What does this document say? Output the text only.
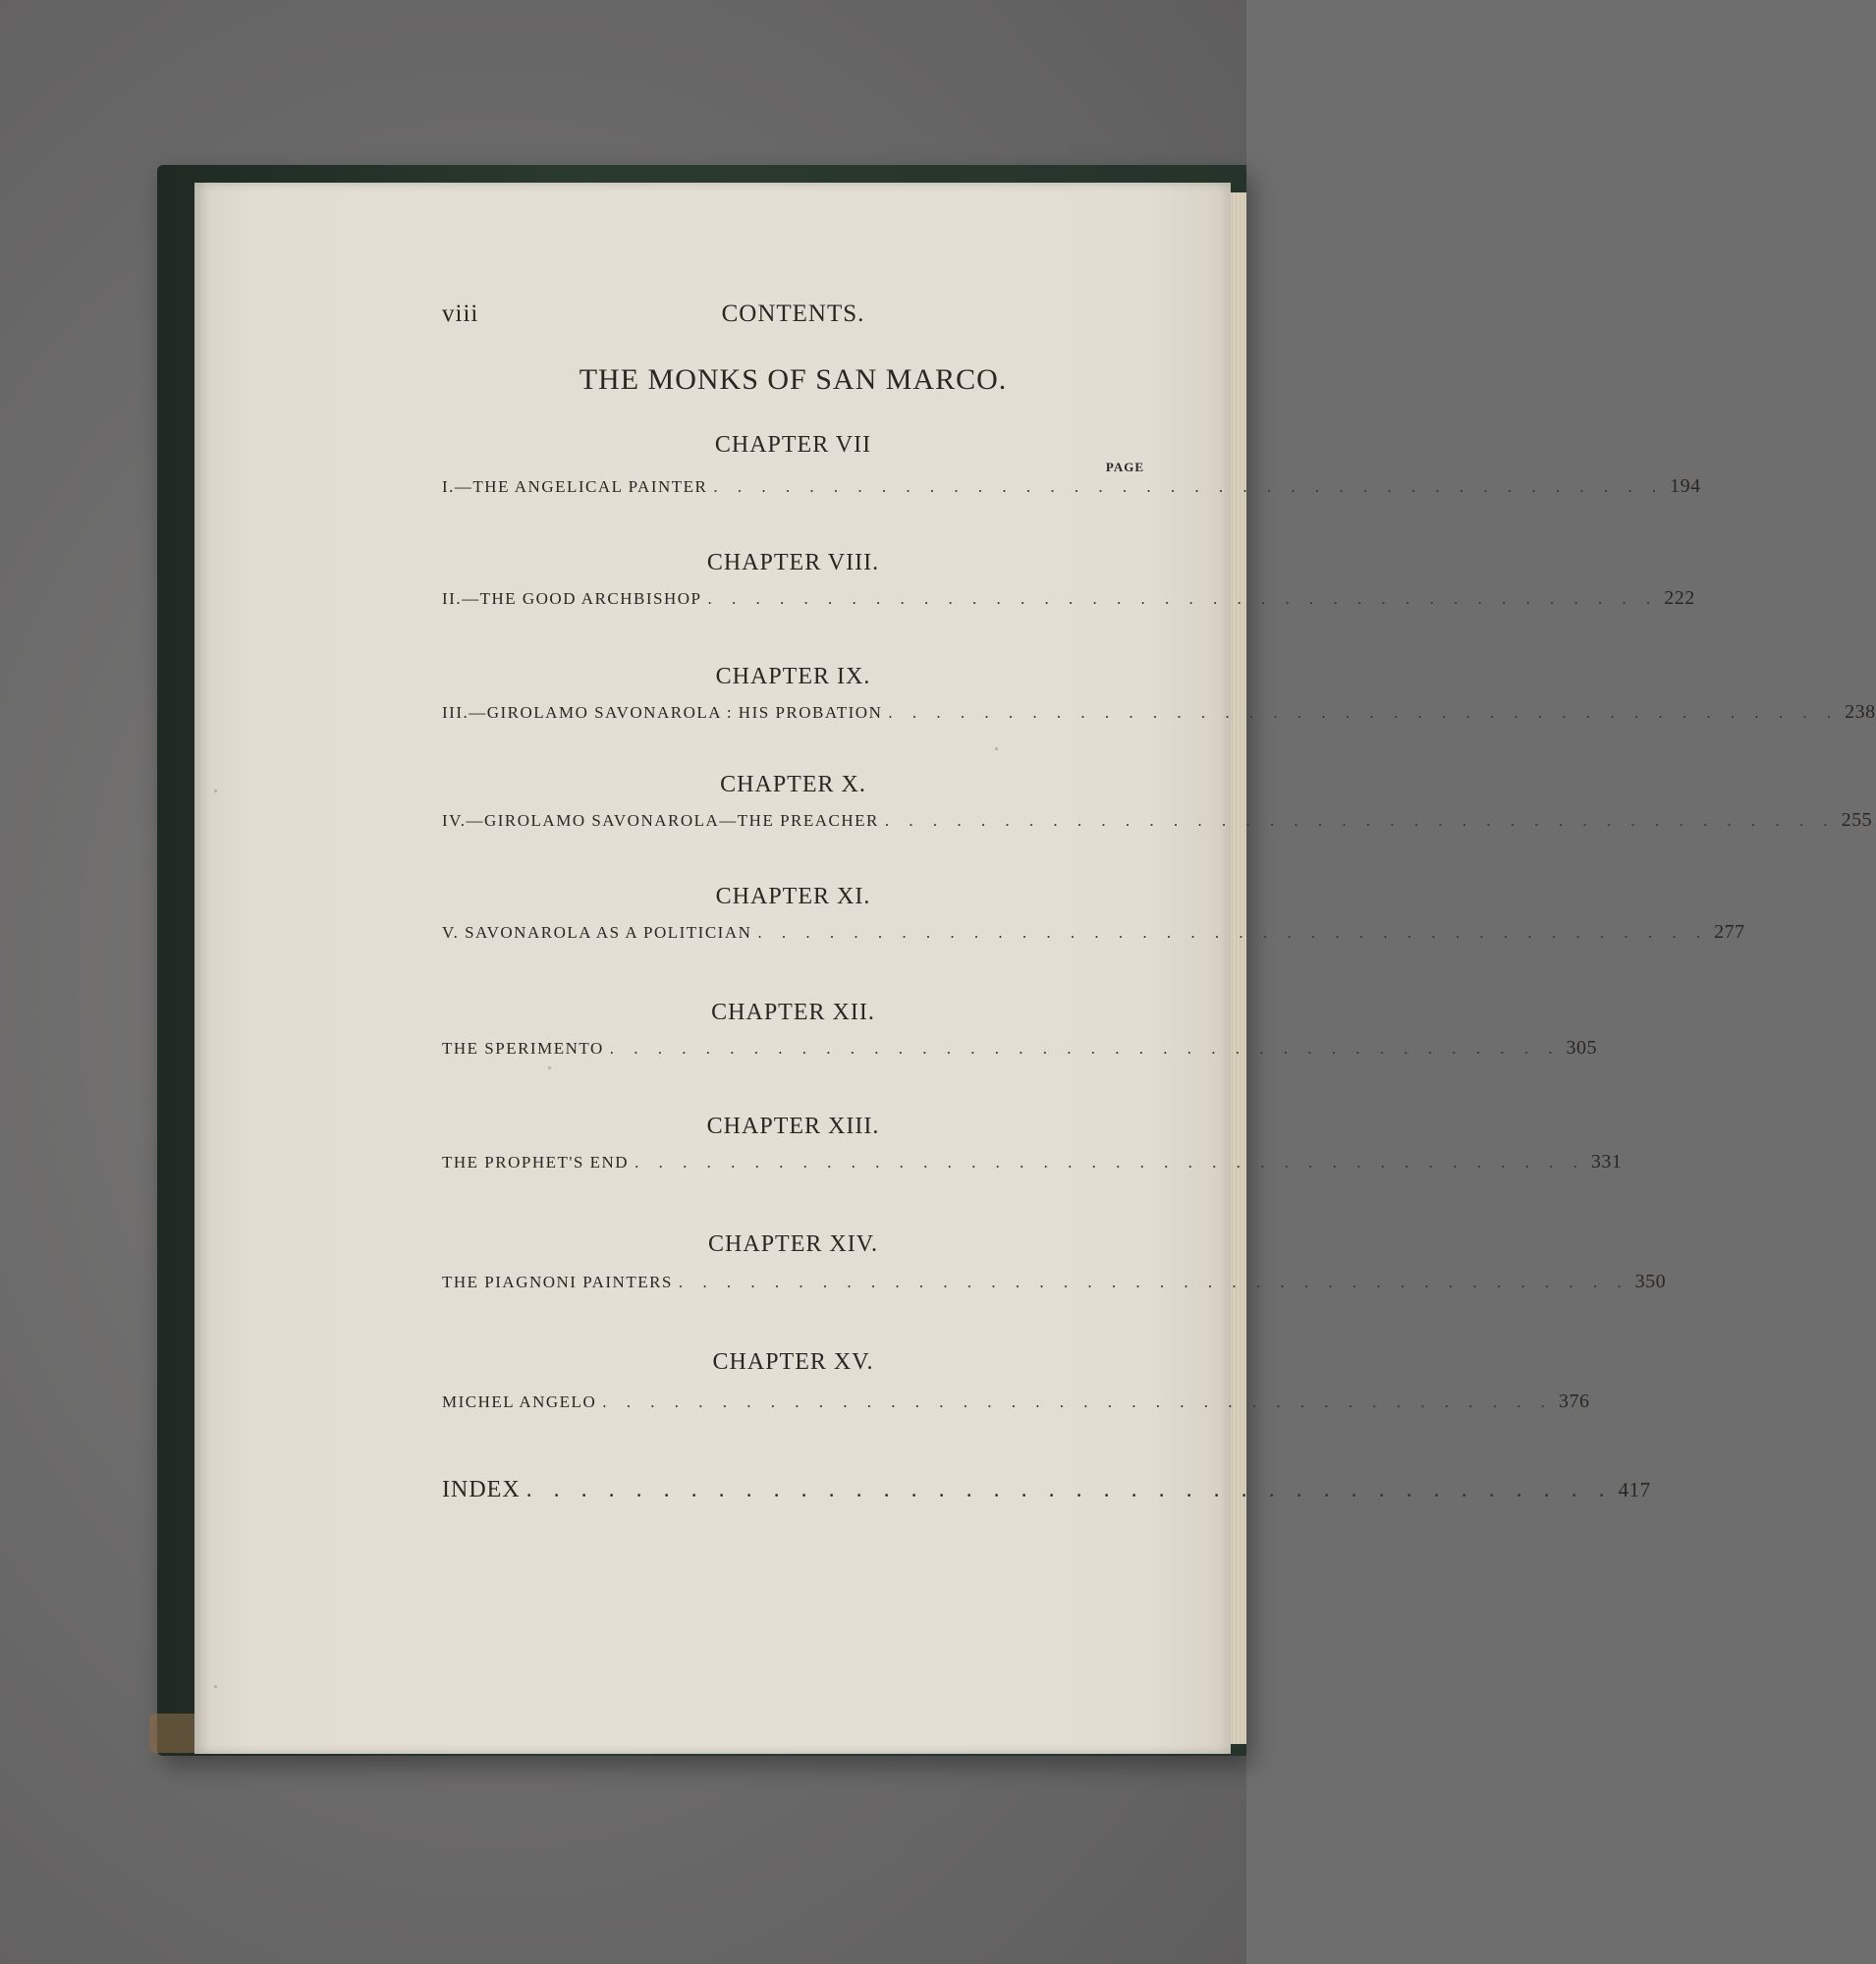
viii	CONTENTS.
THE MONKS OF SAN MARCO.
CHAPTER VII
PAGE
I.—THE ANGELICAL PAINTER . . . . . . . . . . . . . . . . . . . . . . . . . . . . . . . . . . . . . . . . 194
CHAPTER VIII.
II.—THE GOOD ARCHBISHOP . . . . . . . . . . . . . . . . . . . . . . . . . . . . . . . . . . . . . . . . 222
CHAPTER IX.
III.—GIROLAMO SAVONAROLA : HIS PROBATION . . . . . . . . . . . . . . . . . . . . . . . . . . . . . . . . . . . . . . . . 238
CHAPTER X.
IV.—GIROLAMO SAVONAROLA—THE PREACHER . . . . . . . . . . . . . . . . . . . . . . . . . . . . . . . . . . . . . . . . 255
CHAPTER XI.
V. SAVONAROLA AS A POLITICIAN . . . . . . . . . . . . . . . . . . . . . . . . . . . . . . . . . . . . . . . . 277
CHAPTER XII.
THE SPERIMENTO . . . . . . . . . . . . . . . . . . . . . . . . . . . . . . . . . . . . . . . . 305
CHAPTER XIII.
THE PROPHET'S END . . . . . . . . . . . . . . . . . . . . . . . . . . . . . . . . . . . . . . . . 331
CHAPTER XIV.
THE PIAGNONI PAINTERS . . . . . . . . . . . . . . . . . . . . . . . . . . . . . . . . . . . . . . . . 350
CHAPTER XV.
MICHEL ANGELO . . . . . . . . . . . . . . . . . . . . . . . . . . . . . . . . . . . . . . . . 376
INDEX . . . . . . . . . . . . . . . . . . . . . . . . . . . . . . . . . . . . . . . . 417
